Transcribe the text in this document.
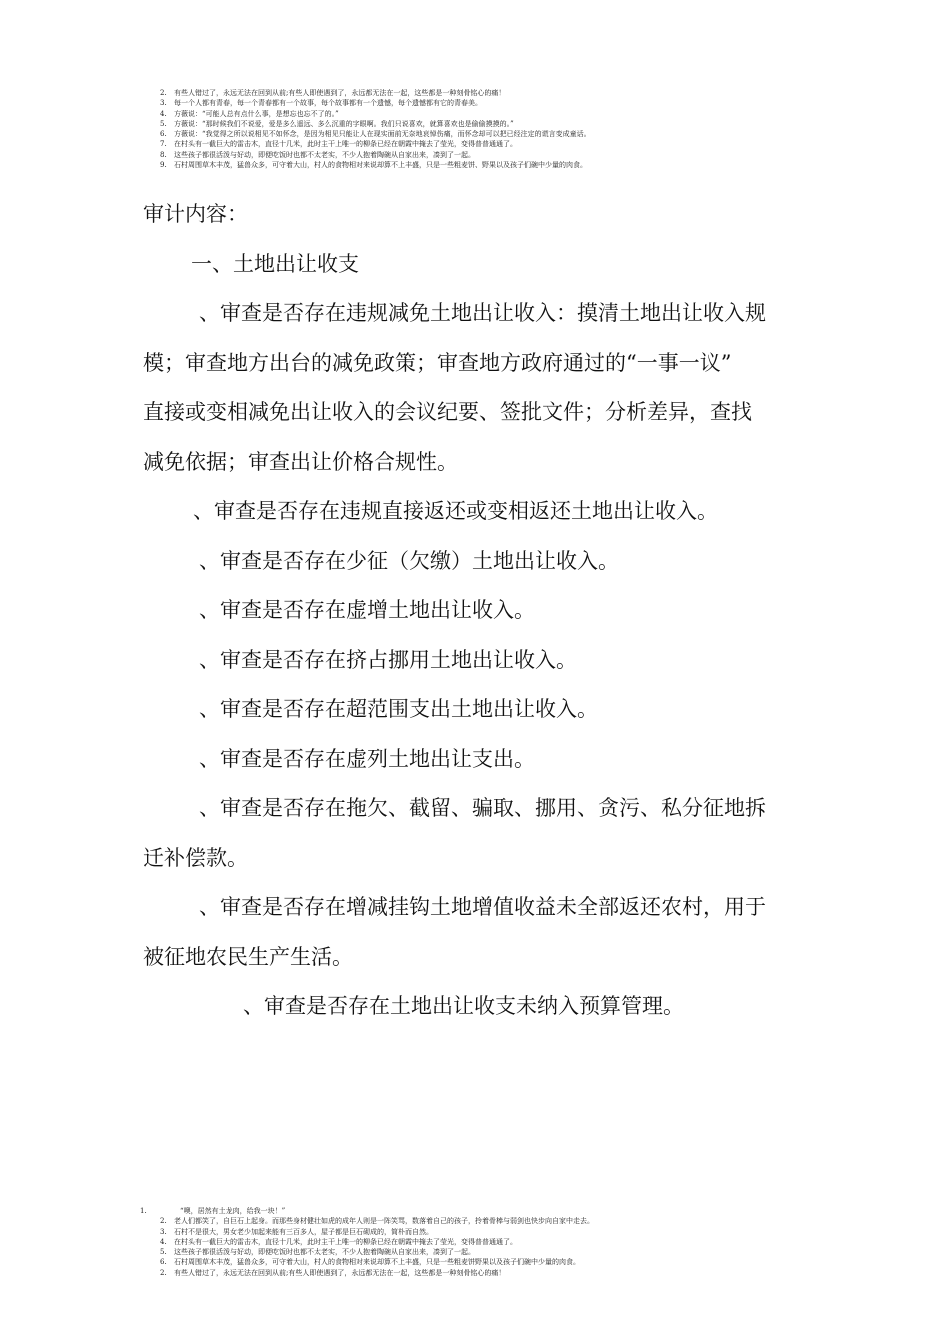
2.	有些人错过了，永远无法在回到从前;有些人即使遇到了，永远都无法在一起，这些都是一种刻骨铭心的痛！
3.	每一个人都有青春，每一个青春都有一个故事，每个故事都有一个遗憾，每个遗憾都有它的青春美。
4.	方薇说：“可能人总有点什么事，是想忘也忘不了的。”
5.	方薇说：“那时候我们不说爱，爱是多么遥远、多么沉重的字眼啊。我们只说喜欢，就算喜欢也是偷偷摸摸的。”
6.	方薇说：“我觉得之所以说相见不如怀念，是因为相见只能让人在现实面前无奈地哀悼伤痛，而怀念却可以把已经注定的谎言变成童话。
7.	在村头有一截巨大的雷击木，直径十几米，此时主干上唯一的柳条已经在朝霞中掩去了莹光，变得普普通通了。
8.	这些孩子都很活泼与好动，即便吃饭时也都不太老实，不少人抱着陶碗从自家出来，凑到了一起。
9.	石村周围草木丰茂，猛兽众多，可守着大山，村人的食物相对来说却算不上丰盛，只是一些粗麦饼、野果以及孩子们碗中少量的肉食。

审计内容：

一、土地出让收支

、审查是否存在违规减免土地出让收入：摸清土地出让收入规

模；审查地方出台的减免政策；审查地方政府通过的“一事一议”

直接或变相减免出让收入的会议纪要、签批文件；分析差异，查找

减免依据；审查出让价格合规性。

、审查是否存在违规直接返还或变相返还土地出让收入。

、审查是否存在少征（欠缴）土地出让收入。

、审查是否存在虚增土地出让收入。

、审查是否存在挤占挪用土地出让收入。

、审查是否存在超范围支出土地出让收入。

、审查是否存在虚列土地出让支出。

、审查是否存在拖欠、截留、骗取、挪用、贪污、私分征地拆

迁补偿款。

、审查是否存在增减挂钩土地增值收益未全部返还农村，用于

被征地农民生产生活。

、审查是否存在土地出让收支未纳入预算管理。

1.	“噢，居然有土龙肉，给我一块！”
2.	老人们都笑了，自巨石上起身。而那些身材健壮如虎的成年人则是一阵笑骂，数落着自己的孩子，拎着骨棒与弱剑也快步向自家中走去。
3.	石村不是很大，男女老少加起来能有三百多人，屋子都是巨石砌成的，简朴而自然。
4.	在村头有一截巨大的雷击木，直径十几米，此时主干上唯一的柳条已经在朝霞中掩去了莹光，变得普普通通了。
5.	这些孩子都很活泼与好动，即便吃饭时也都不太老实，不少人抱着陶碗从自家出来，凑到了一起。
6.	石村周围草木丰茂，猛兽众多，可守着大山，村人的食物相对来说却算不上丰盛，只是一些粗麦饼野果以及孩子们碗中少量的肉食。
2.	有些人错过了，永远无法在回到从前;有些人即使遇到了，永远都无法在一起，这些都是一种刻骨铭心的痛！
